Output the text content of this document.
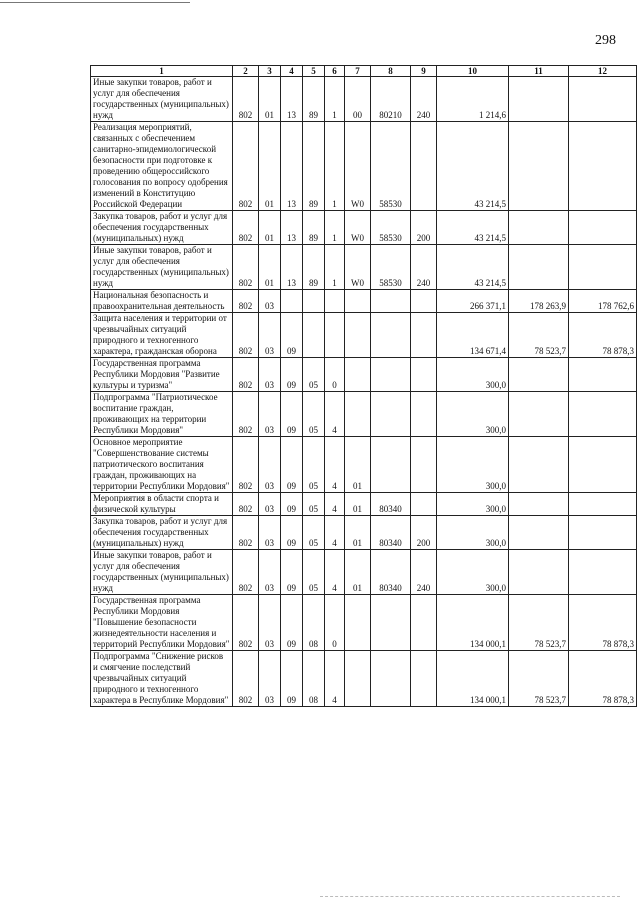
298
1	2	3	4	5	6	7	8	9	10	11	12
Иные закупки товаров, работ и услуг для обеспечения государственных (муниципальных) нужд	802	01	13	89	1	00	80210	240	1 214,6		
Реализация мероприятий, связанных с обеспечением санитарно-эпидемиологической безопасности при подготовке к проведению общероссийского голосования по вопросу одобрения изменений в Конституцию Российской Федерации	802	01	13	89	1	W0	58530		43 214,5		
Закупка товаров, работ и услуг для обеспечения государственных (муниципальных) нужд	802	01	13	89	1	W0	58530	200	43 214,5		
Иные закупки товаров, работ и услуг для обеспечения государственных (муниципальных) нужд	802	01	13	89	1	W0	58530	240	43 214,5		
Национальная безопасность и правоохранительная деятельность	802	03							266 371,1	178 263,9	178 762,6
Защита населения и территории от чрезвычайных ситуаций природного и техногенного характера, гражданская оборона	802	03	09						134 671,4	78 523,7	78 878,3
Государственная программа Республики Мордовия "Развитие культуры и туризма"	802	03	09	05	0				300,0		
Подпрограмма "Патриотическое воспитание граждан, проживающих на территории Республики Мордовия"	802	03	09	05	4				300,0		
Основное мероприятие "Совершенствование системы патриотического воспитания граждан, проживающих на территории Республики Мордовия"	802	03	09	05	4	01			300,0		
Мероприятия в области спорта и физической культуры	802	03	09	05	4	01	80340		300,0		
Закупка товаров, работ и услуг для обеспечения государственных (муниципальных) нужд	802	03	09	05	4	01	80340	200	300,0		
Иные закупки товаров, работ и услуг для обеспечения государственных (муниципальных) нужд	802	03	09	05	4	01	80340	240	300,0		
Государственная программа Республики Мордовия "Повышение безопасности жизнедеятельности населения и территорий Республики Мордовия"	802	03	09	08	0				134 000,1	78 523,7	78 878,3
Подпрограмма "Снижение рисков и смягчение последствий чрезвычайных ситуаций природного и техногенного характера в Республике Мордовия"	802	03	09	08	4				134 000,1	78 523,7	78 878,3
